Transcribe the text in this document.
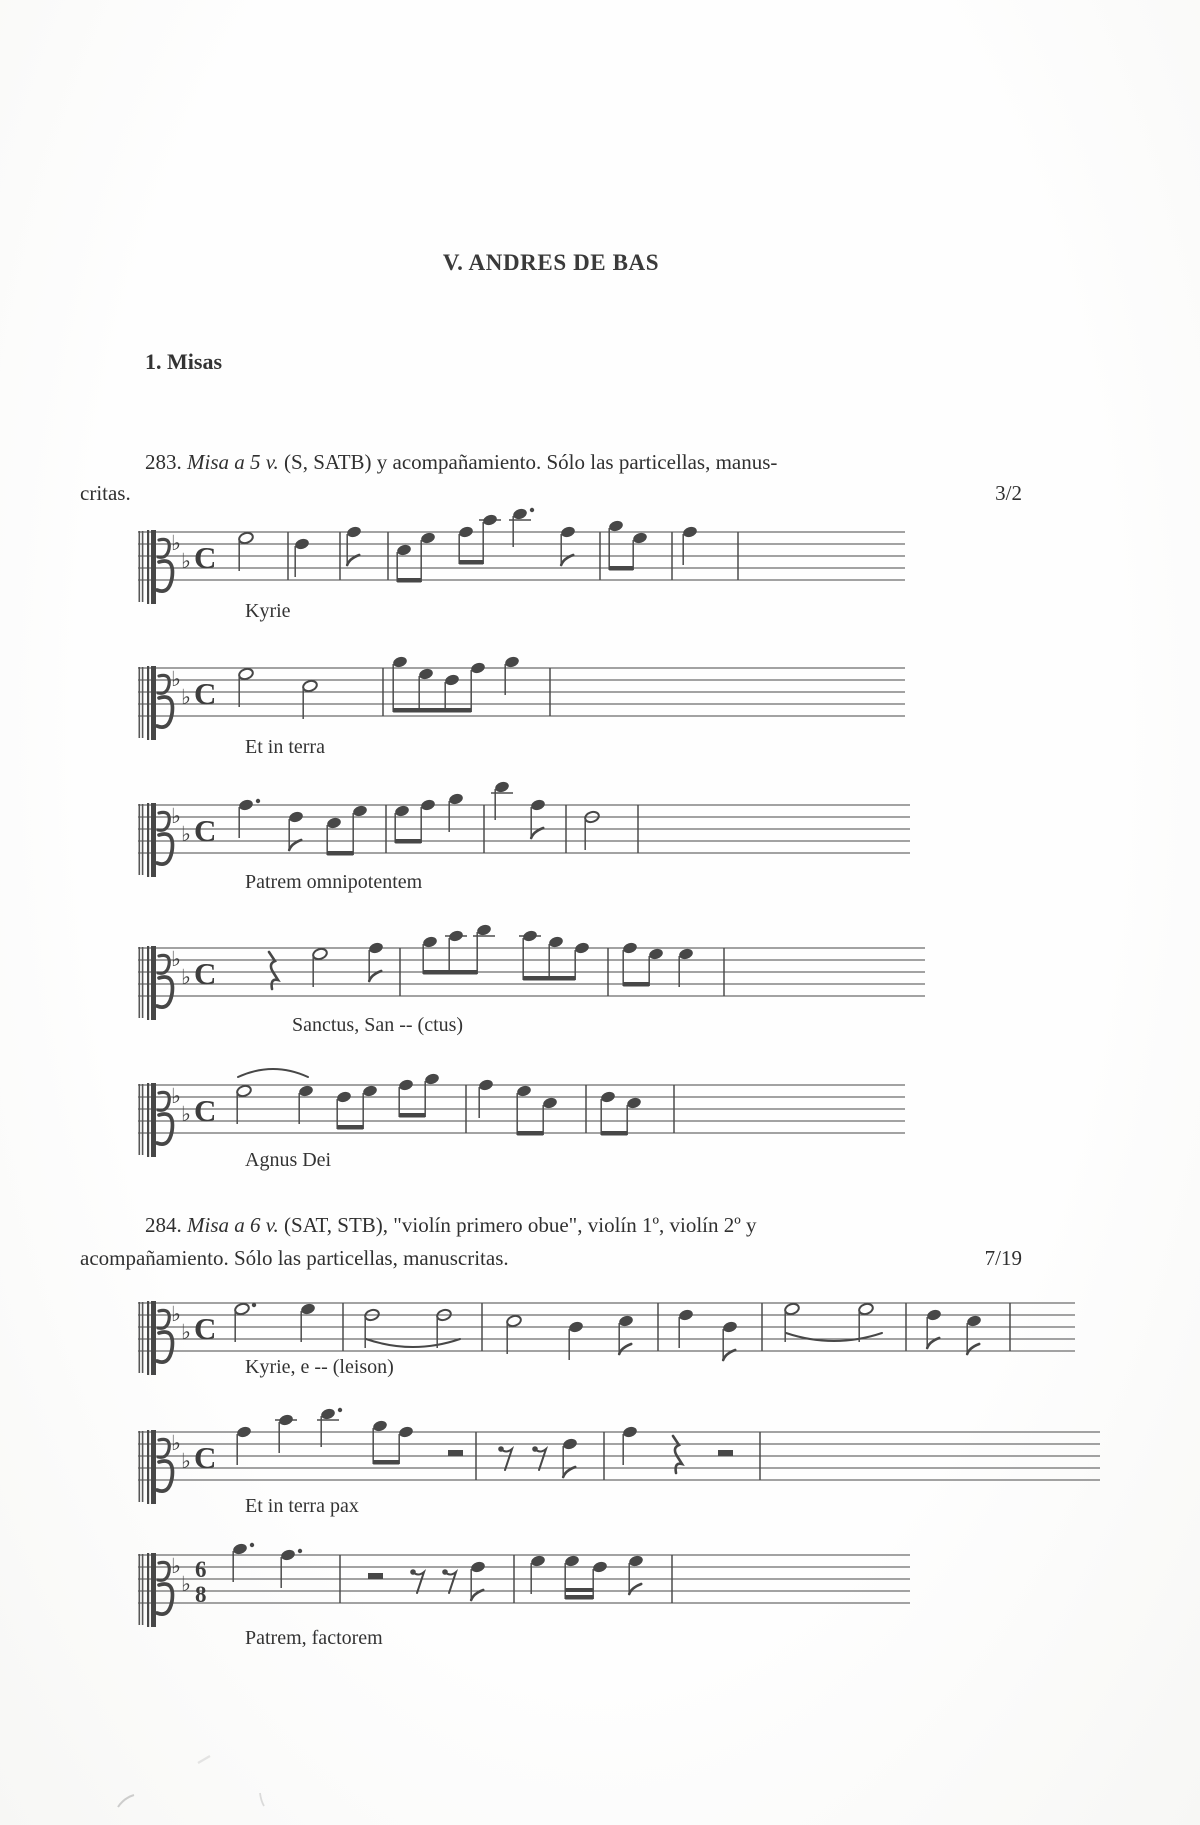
V. ANDRES DE BAS
1. Misas

283. Misa a 5 v. (S, SATB) y acompañamiento. Sólo las particellas, manus-

critas.	3/2
♭
♭ C
Kyrie
♭
♭ C
Et in terra
♭
♭ C
Patrem omnipotentem
♭
♭ C
Sanctus, San -- (ctus)
♭
♭ C
Agnus Dei

284. Misa a 6 v. (SAT, STB), "violín primero obue", violín 1º, violín 2º y

acompañamiento. Sólo las particellas, manuscritas.	7/19
♭
♭ C
Kyrie, e -- (leison)
♭
♭ C
Et in terra pax
♭
♭
6
8
Patrem, factorem
